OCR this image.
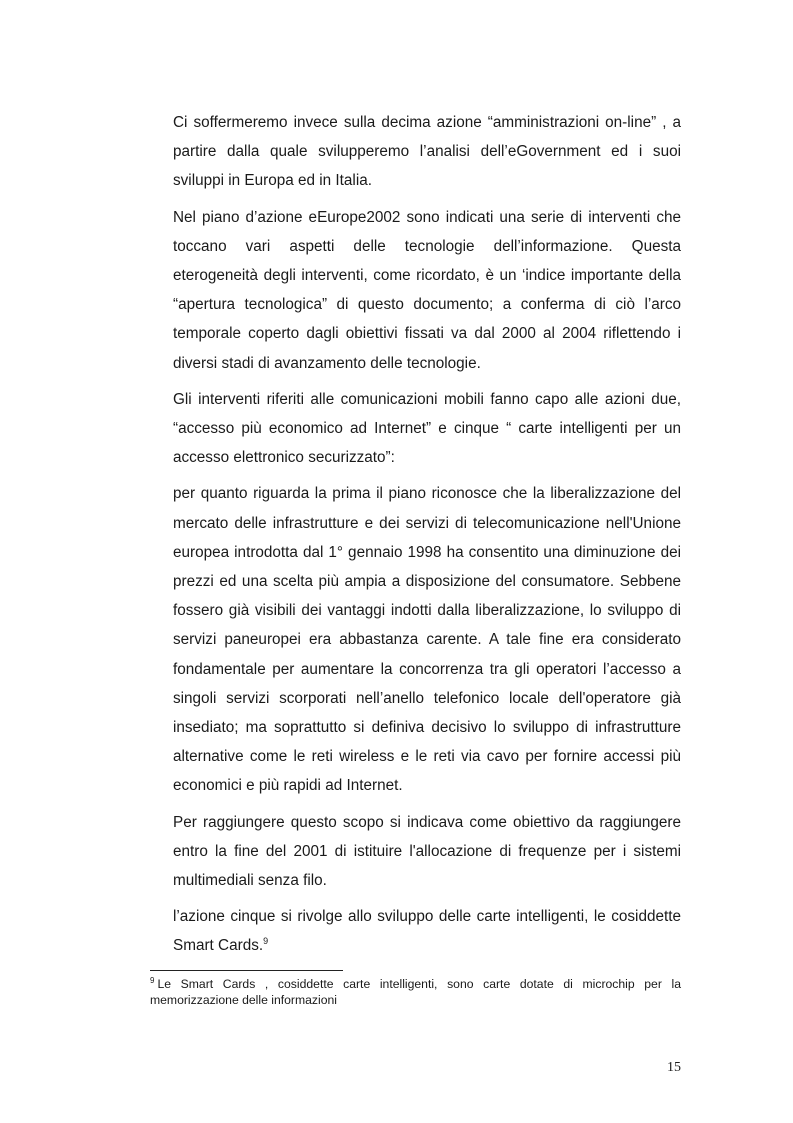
Ci soffermeremo invece sulla decima azione “amministrazioni on-line” , a partire dalla quale svilupperemo l’analisi dell’eGovernment ed i suoi sviluppi in Europa ed in Italia.

Nel piano d’azione eEurope2002 sono indicati una serie di interventi che toccano vari aspetti delle tecnologie dell’informazione. Questa eterogeneità degli interventi, come ricordato, è un ‘indice importante della “apertura tecnologica” di questo documento; a conferma di ciò l’arco temporale coperto dagli obiettivi fissati va dal 2000 al 2004 riflettendo i diversi stadi di avanzamento delle tecnologie.

Gli interventi riferiti alle comunicazioni mobili fanno capo alle azioni due, “accesso più economico ad Internet” e cinque “ carte intelligenti per un accesso elettronico securizzato”:

per quanto riguarda la prima il piano riconosce che la liberalizzazione del mercato delle infrastrutture e dei servizi di telecomunicazione nell'Unione europea introdotta dal 1° gennaio 1998 ha consentito una diminuzione dei prezzi ed una scelta più ampia a disposizione del consumatore. Sebbene fossero già visibili dei vantaggi indotti dalla liberalizzazione, lo sviluppo di servizi paneuropei era abbastanza carente. A tale fine era considerato fondamentale per aumentare la concorrenza tra gli operatori l’accesso a singoli servizi scorporati nell’anello telefonico locale dell'operatore già insediato; ma soprattutto si definiva decisivo lo sviluppo di infrastrutture alternative come le reti wireless e le reti via cavo per fornire accessi più economici e più rapidi ad Internet.

Per raggiungere questo scopo si indicava come obiettivo da raggiungere entro la fine del 2001 di istituire l'allocazione di frequenze per i sistemi multimediali senza filo.

l’azione cinque si rivolge allo sviluppo delle carte intelligenti, le cosiddette Smart Cards.$^9$

$^9$ Le Smart Cards , cosiddette carte intelligenti, sono carte dotate di microchip per la memorizzazione delle informazioni
15
